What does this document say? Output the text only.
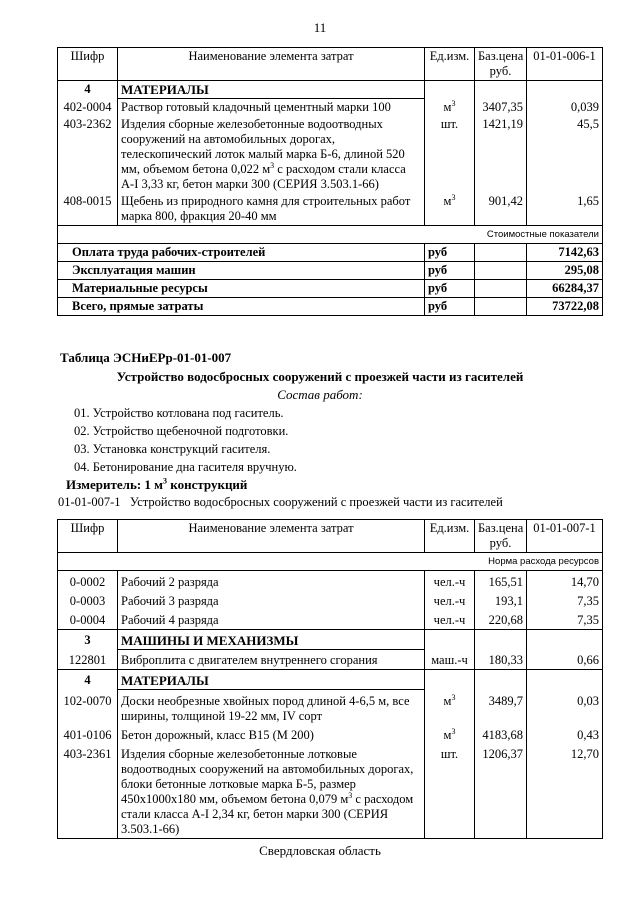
11
Шифр	Наименование элемента затрат	Ед.изм.	Баз.цена руб.	01-01-006-1
4	МАТЕРИАЛЫ			
402-0004	Раствор готовый кладочный цементный марки 100	$м^3$	3407,35	0,039
403-2362	Изделия сборные железобетонные водоотводных сооружений на автомобильных дорогах, телескопический лоток малый марка Б-6, длиной 520 мм, объемом бетона 0,022 $м^3$ с расходом стали класса А-I 3,33 кг, бетон марки 300 (СЕРИЯ 3.503.1-66)	шт.	1421,19	45,5
408-0015	Щебень из природного камня для строительных работ марка 800, фракция 20-40 мм	$м^3$	901,42	1,65
Стоимостные показатели				
Оплата труда рабочих-строителей		руб		7142,63
Эксплуатация машин		руб		295,08
Материальные ресурсы		руб		66284,37
Всего, прямые затраты		руб		73722,08
Таблица ЭСНиЕРр-01-01-007
Устройство водосбросных сооружений с проезжей части из гасителей
Состав работ:
01. Устройство котлована под гаситель.
02. Устройство щебеночной подготовки.
03. Установка конструкций гасителя.
04. Бетонирование дна гасителя вручную.
Измеритель: 1 $м^3$ конструкций
01-01-007-1   Устройство водосбросных сооружений с проезжей части из гасителей
Шифр	Наименование элемента затрат	Ед.изм.	Баз.цена руб.	01-01-007-1
Норма расхода ресурсов				
0-0002	Рабочий 2 разряда	чел.-ч	165,51	14,70
0-0003	Рабочий 3 разряда	чел.-ч	193,1	7,35
0-0004	Рабочий 4 разряда	чел.-ч	220,68	7,35
3	МАШИНЫ И МЕХАНИЗМЫ			
122801	Виброплита с двигателем внутреннего сгорания	маш.-ч	180,33	0,66
4	МАТЕРИАЛЫ			
102-0070	Доски необрезные хвойных пород длиной 4-6,5 м, все ширины, толщиной 19-22 мм, IV сорт	$м^3$	3489,7	0,03
401-0106	Бетон дорожный, класс В15 (М 200)	$м^3$	4183,68	0,43
403-2361	Изделия сборные железобетонные лотковые водоотводных сооружений на автомобильных дорогах, блоки бетонные лотковые марка Б-5, размер 450x1000x180 мм, объемом бетона 0,079 $м^3$ с расходом стали класса А-I 2,34 кг, бетон марки 300 (СЕРИЯ 3.503.1-66)	шт.	1206,37	12,70
Свердловская область
